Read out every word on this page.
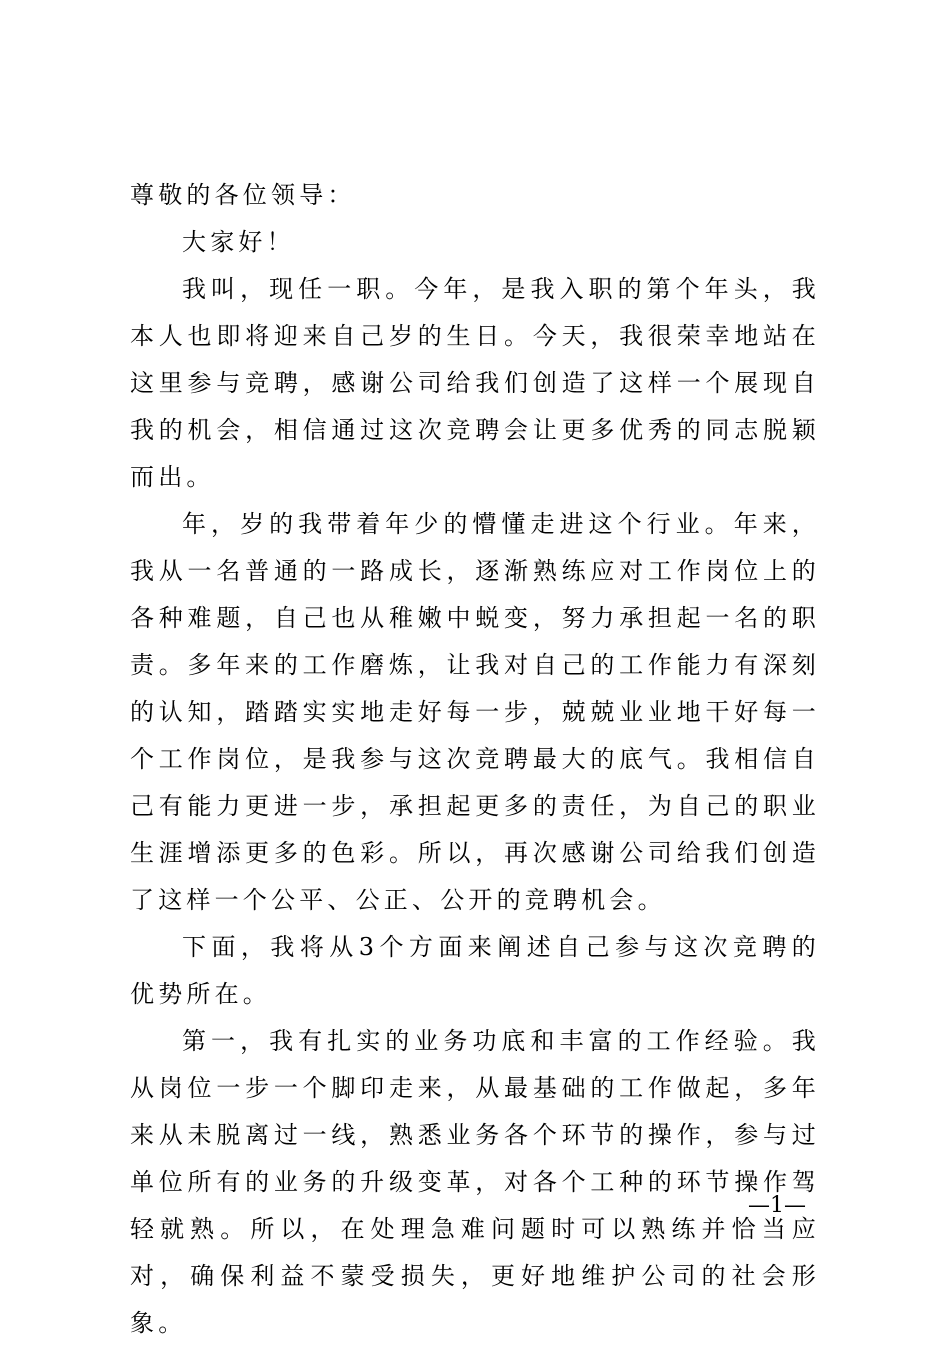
尊敬的各位领导：

大家好！

我叫，现任一职。今年，是我入职的第个年头，我本人也即将迎来自己岁的生日。今天，我很荣幸地站在这里参与竞聘，感谢公司给我们创造了这样一个展现自我的机会，相信通过这次竞聘会让更多优秀的同志脱颖而出。

年，岁的我带着年少的懵懂走进这个行业。年来，我从一名普通的一路成长，逐渐熟练应对工作岗位上的各种难题，自己也从稚嫩中蜕变，努力承担起一名的职责。多年来的工作磨炼，让我对自己的工作能力有深刻的认知，踏踏实实地走好每一步，兢兢业业地干好每一个工作岗位，是我参与这次竞聘最大的底气。我相信自己有能力更进一步，承担起更多的责任，为自己的职业生涯增添更多的色彩。所以，再次感谢公司给我们创造了这样一个公平、公正、公开的竞聘机会。

下面，我将从3个方面来阐述自己参与这次竞聘的优势所在。

第一，我有扎实的业务功底和丰富的工作经验。我从岗位一步一个脚印走来，从最基础的工作做起，多年来从未脱离过一线，熟悉业务各个环节的操作，参与过单位所有的业务的升级变革，对各个工种的环节操作驾轻就熟。所以，在处理急难问题时可以熟练并恰当应对，确保利益不蒙受损失，更好地维护公司的社会形象。

—1—
